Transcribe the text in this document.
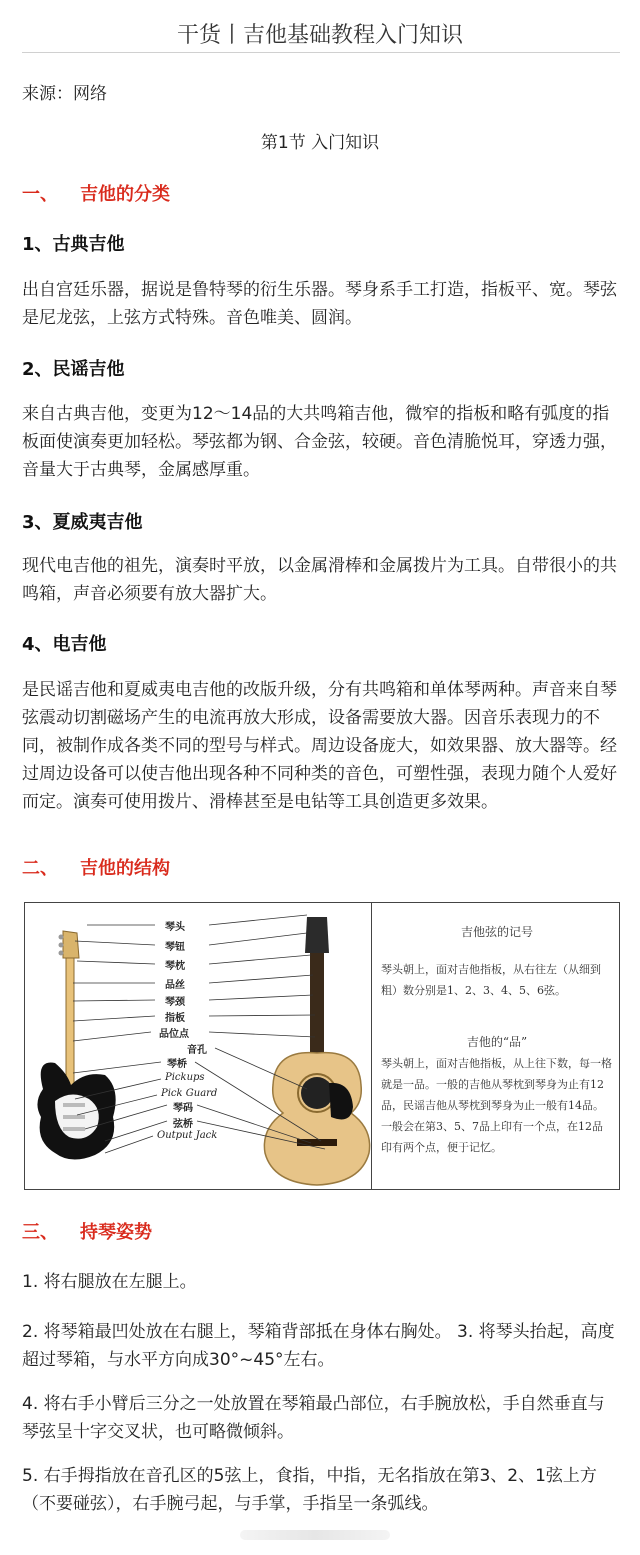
干货丨吉他基础教程入门知识
来源：网络
第1节 入门知识
一、 吉他的分类
1、古典吉他
出自宫廷乐器，据说是鲁特琴的衍生乐器。琴身系手工打造，指板平、宽。琴弦是尼龙弦，上弦方式特殊。音色唯美、圆润。
2、民谣吉他
来自古典吉他，变更为12～14品的大共鸣箱吉他，微窄的指板和略有弧度的指板面使演奏更加轻松。琴弦都为钢、合金弦，较硬。音色清脆悦耳，穿透力强，音量大于古典琴，金属感厚重。
3、夏威夷吉他
现代电吉他的祖先，演奏时平放，以金属滑棒和金属拨片为工具。自带很小的共鸣箱，声音必须要有放大器扩大。
4、电吉他
是民谣吉他和夏威夷电吉他的改版升级，分有共鸣箱和单体琴两种。声音来自琴弦震动切割磁场产生的电流再放大形成，设备需要放大器。因音乐表现力的不同，被制作成各类不同的型号与样式。周边设备庞大，如效果器、放大器等。经过周边设备可以使吉他出现各种不同种类的音色，可塑性强，表现力随个人爱好而定。演奏可使用拨片、滑棒甚至是电钻等工具创造更多效果。
二、 吉他的结构
琴头
琴钮
琴枕
品丝
琴颈
指板
品位点
音孔
琴桥
Pickups
Pick Guard
琴码
弦桥
Output Jack
吉他弦的记号
琴头朝上，面对吉他指板，从右往左（从细到粗）数分别是1、2、3、4、5、6弦。
吉他的“品”
琴头朝上，面对吉他指板，从上往下数，每一格就是一品。一般的吉他从琴枕到琴身为止有12品，民谣吉他从琴枕到琴身为止一般有14品。一般会在第3、5、7品上印有一个点，在12品印有两个点，便于记忆。
三、 持琴姿势
1. 将右腿放在左腿上。
2. 将琴箱最凹处放在右腿上，琴箱背部抵在身体右胸处。 3. 将琴头抬起，高度超过琴箱，与水平方向成30°~45°左右。
4. 将右手小臂后三分之一处放置在琴箱最凸部位，右手腕放松，手自然垂直与琴弦呈十字交叉状，也可略微倾斜。
5. 右手拇指放在音孔区的5弦上，食指，中指，无名指放在第3、2、1弦上方（不要碰弦），右手腕弓起，与手掌，手指呈一条弧线。
